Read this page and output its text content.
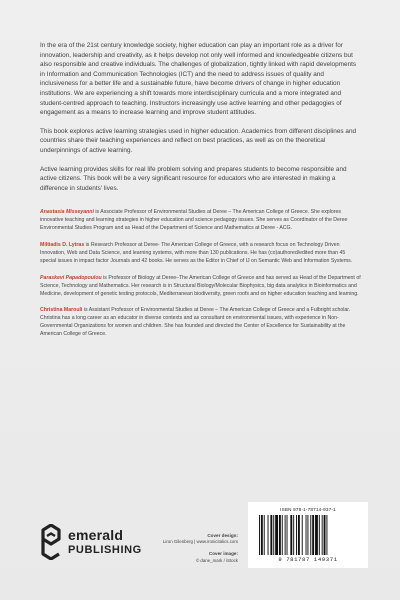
In the era of the 21st century knowledge society, higher education can play an important role as a driver for innovation, leadership and creativity, as it helps develop not only well informed and knowledgeable citizens but also responsible and creative individuals. The challenges of globalization, tightly linked with rapid developments in Information and Communication Technologies (ICT) and the need to address issues of quality and inclusiveness for a better life and a sustainable future, have become drivers of change in higher education institutions. We are experiencing a shift towards more interdisciplinary curricula and a more integrated and student-centred approach to teaching. Instructors increasingly use active learning and other pedagogies of engagement as a means to increase learning and improve student attitudes.

This book explores active learning strategies used in higher education. Academics from different disciplines and countries share their teaching experiences and reflect on best practices, as well as on the theoretical underpinnings of active learning.

Active learning provides skills for real life problem solving and prepares students to become responsible and active citizens. This book will be a very significant resource for educators who are interested in making a difference in students' lives.

Anastasia Misseyanni is Associate Professor of Environmental Studies at Deree – The American College of Greece. She explores innovative teaching and learning strategies in higher education and science pedagogy issues. She serves as Coordinator of the Deree Environmental Studies Program and as Head of the Department of Science and Mathematics at Deree - ACG.

Miltiadis D. Lytras is Research Professor at Deree- The American College of Greece, with a research focus on Technology Driven Innovation, Web and Data Science, and learning systems, with more than 130 publications. He has (co)authored/edited more than 45 special issues in impact factor Journals and 42 books. He serves as the Editor in Chief of IJ on Semantic Web and Information Systems.

Paraskevi Papadopoulou is Professor of Biology at Deree–The American College of Greece and has served as Head of the Department of Science, Technology and Mathematics. Her research is in Structural Biology/Molecular Biophysics, big data analytics in Bioinformatics and Medicine, development of genetic testing protocols, Mediterranean biodiversity, green roofs and on higher education teaching and learning.

Christina Marouli is Assistant Professor of Environmental Studies at Deree – The American College of Greece and a Fulbright scholar. Christina has a long career as an educator in diverse contexts and as consultant on environmental issues, with experience in Non-Governmental Organizations for women and children. She has founded and directed the Center of Excellence for Sustainability at the American College of Greece.

emerald
PUBLISHING
Cover design:
Liron Gilenberg | www.ironicitalics.com
Cover image:
© dane_mark / iStock
ISBN 978-1-78714-937-1
9 781787 149371
